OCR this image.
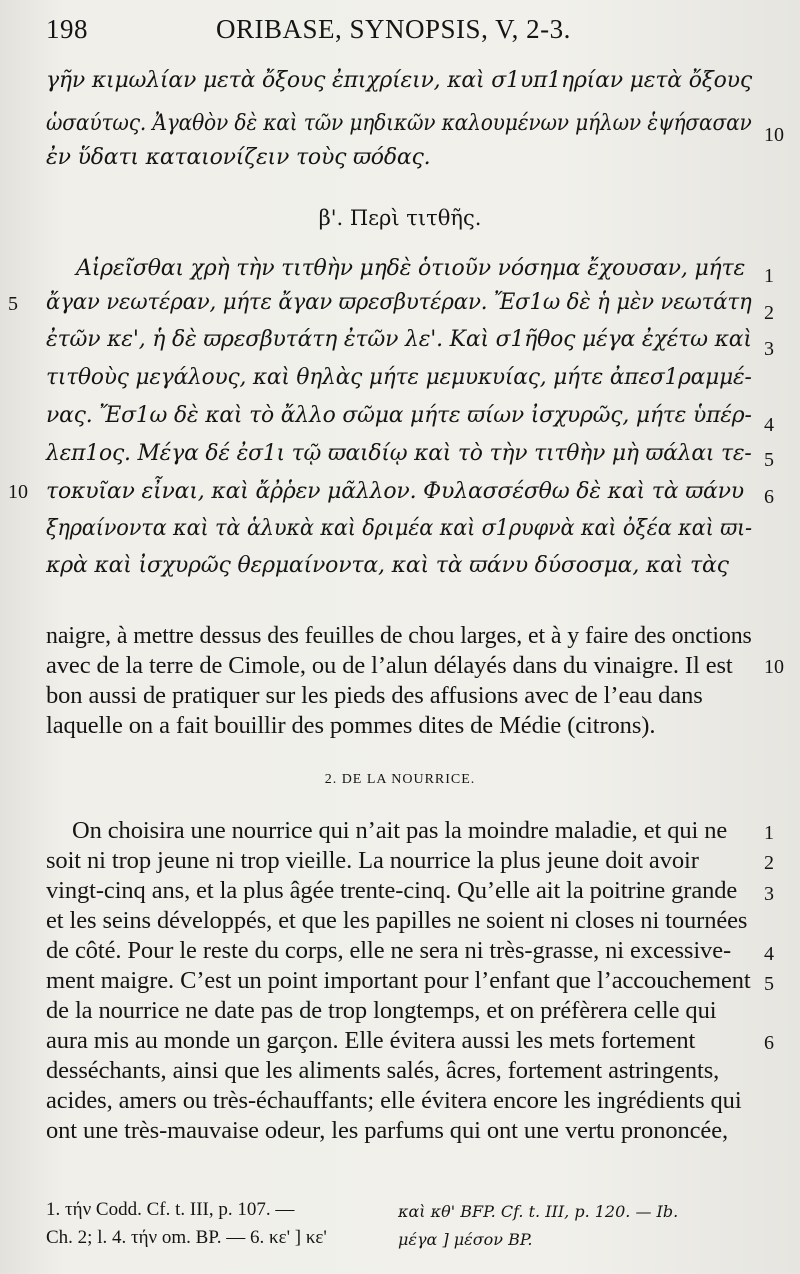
198	ORIBASE, SYNOPSIS, V, 2-3.

γῆν κιμωλίαν μετὰ ὄξους ἐπιχρίειν, καὶ σ1υπ1ηρίαν μετὰ ὄξους

ὡσαύτως. Ἀγαθὸν δὲ καὶ τῶν μηδικῶν καλουμένων μήλων ἑψήσασαν

ἐν ὕδατι καταιονίζειν τοὺς ϖόδας.

10
β'. Περὶ τιτθῆς.

Αἱρεῖσθαι χρὴ τὴν τιτθὴν μηδὲ ὁτιοῦν νόσημα ἔχουσαν, μήτε

ἄγαν νεωτέραν, μήτε ἄγαν ϖρεσβυτέραν. Ἔσ1ω δὲ ἡ μὲν νεωτάτη

ἐτῶν κε', ἡ δὲ ϖρεσβυτάτη ἐτῶν λε'. Καὶ σ1ῆθος μέγα ἐχέτω καὶ

τιτθοὺς μεγάλους, καὶ θηλὰς μήτε μεμυκυίας, μήτε ἀπεσ1ραμμέ-

νας. Ἔσ1ω δὲ καὶ τὸ ἄλλο σῶμα μήτε ϖίων ἰσχυρῶς, μήτε ὑπέρ-

λεπ1ος. Μέγα δέ ἐσ1ι τῷ ϖαιδίῳ καὶ τὸ τὴν τιτθὴν μὴ ϖάλαι τε-

τοκυῖαν εἶναι, καὶ ἄῤῥεν μᾶλλον. Φυλασσέσθω δὲ καὶ τὰ ϖάνυ

ξηραίνοντα καὶ τὰ ἁλυκὰ καὶ δριμέα καὶ σ1ρυφνὰ καὶ ὀξέα καὶ ϖι-

κρὰ καὶ ἰσχυρῶς θερμαίνοντα, καὶ τὰ ϖάνυ δύσοσμα, καὶ τὰς

1
2
3
4
5
6
5
10

naigre, à mettre dessus des feuilles de chou larges, et à y faire des onctions

avec de la terre de Cimole, ou de l’alun délayés dans du vinaigre. Il est

bon aussi de pratiquer sur les pieds des affusions avec de l’eau dans

laquelle on a fait bouillir des pommes dites de Médie (citrons).

10
2. DE LA NOURRICE.

On choisira une nourrice qui n’ait pas la moindre maladie, et qui ne

soit ni trop jeune ni trop vieille. La nourrice la plus jeune doit avoir

vingt-cinq ans, et la plus âgée trente-cinq. Qu’elle ait la poitrine grande

et les seins développés, et que les papilles ne soient ni closes ni tournées

de côté. Pour le reste du corps, elle ne sera ni très-grasse, ni excessive-

ment maigre. C’est un point important pour l’enfant que l’accouchement

de la nourrice ne date pas de trop longtemps, et on préfèrera celle qui

aura mis au monde un garçon. Elle évitera aussi les mets fortement

desséchants, ainsi que les aliments salés, âcres, fortement astringents,

acides, amers ou très-échauffants; elle évitera encore les ingrédients qui

ont une très-mauvaise odeur, les parfums qui ont une vertu prononcée,

1
2
3
4
5
6
1. τήν Codd. Cf. t. III, p. 107. —	καὶ κθ' BFP. Cf. t. III, p. 120. — Ib.
Ch. 2; l. 4. τήν om. BP. — 6. κε' ] κε'	μέγα ] μέσον BP.
